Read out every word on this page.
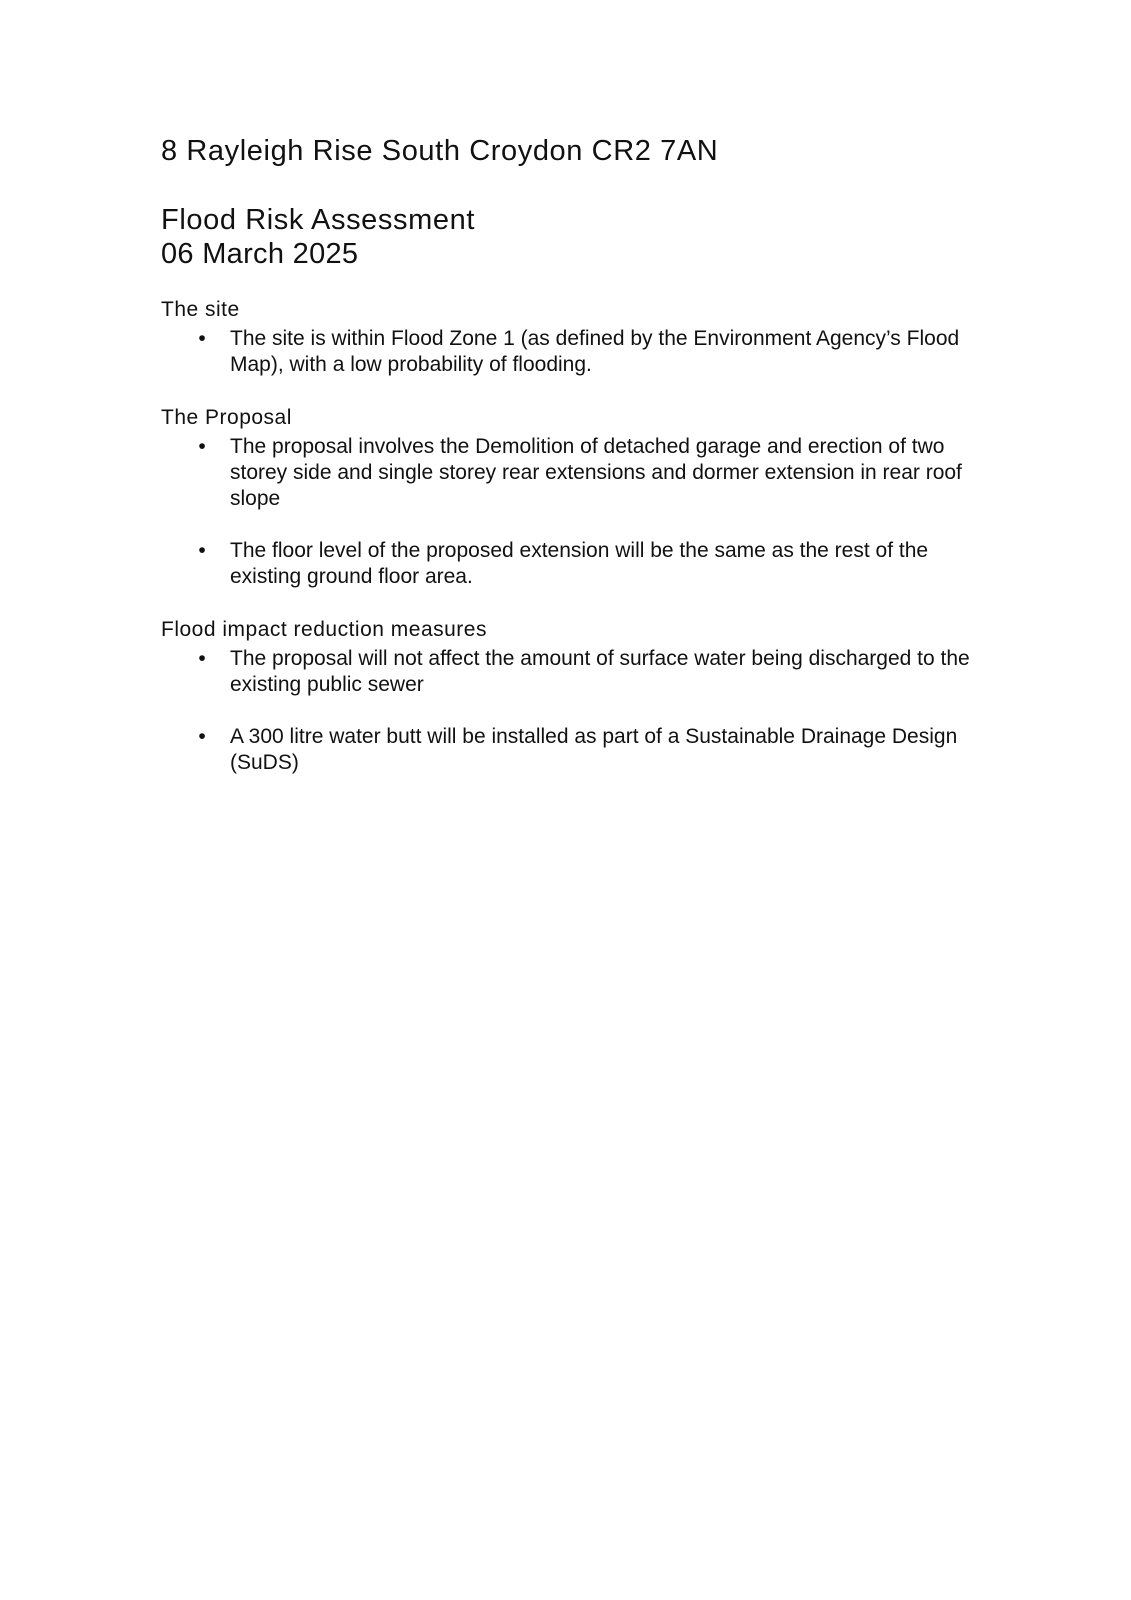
8 Rayleigh Rise South Croydon CR2 7AN
Flood Risk Assessment
06 March 2025
The site
• The site is within Flood Zone 1 (as defined by the Environment Agency’s Flood Map), with a low probability of flooding.
The Proposal
• The proposal involves the Demolition of detached garage and erection of two storey side and single storey rear extensions and dormer extension in rear roof slope
• The floor level of the proposed extension will be the same as the rest of the existing ground floor area.
Flood impact reduction measures
• The proposal will not affect the amount of surface water being discharged to the existing public sewer
• A 300 litre water butt will be installed as part of a Sustainable Drainage Design (SuDS)
